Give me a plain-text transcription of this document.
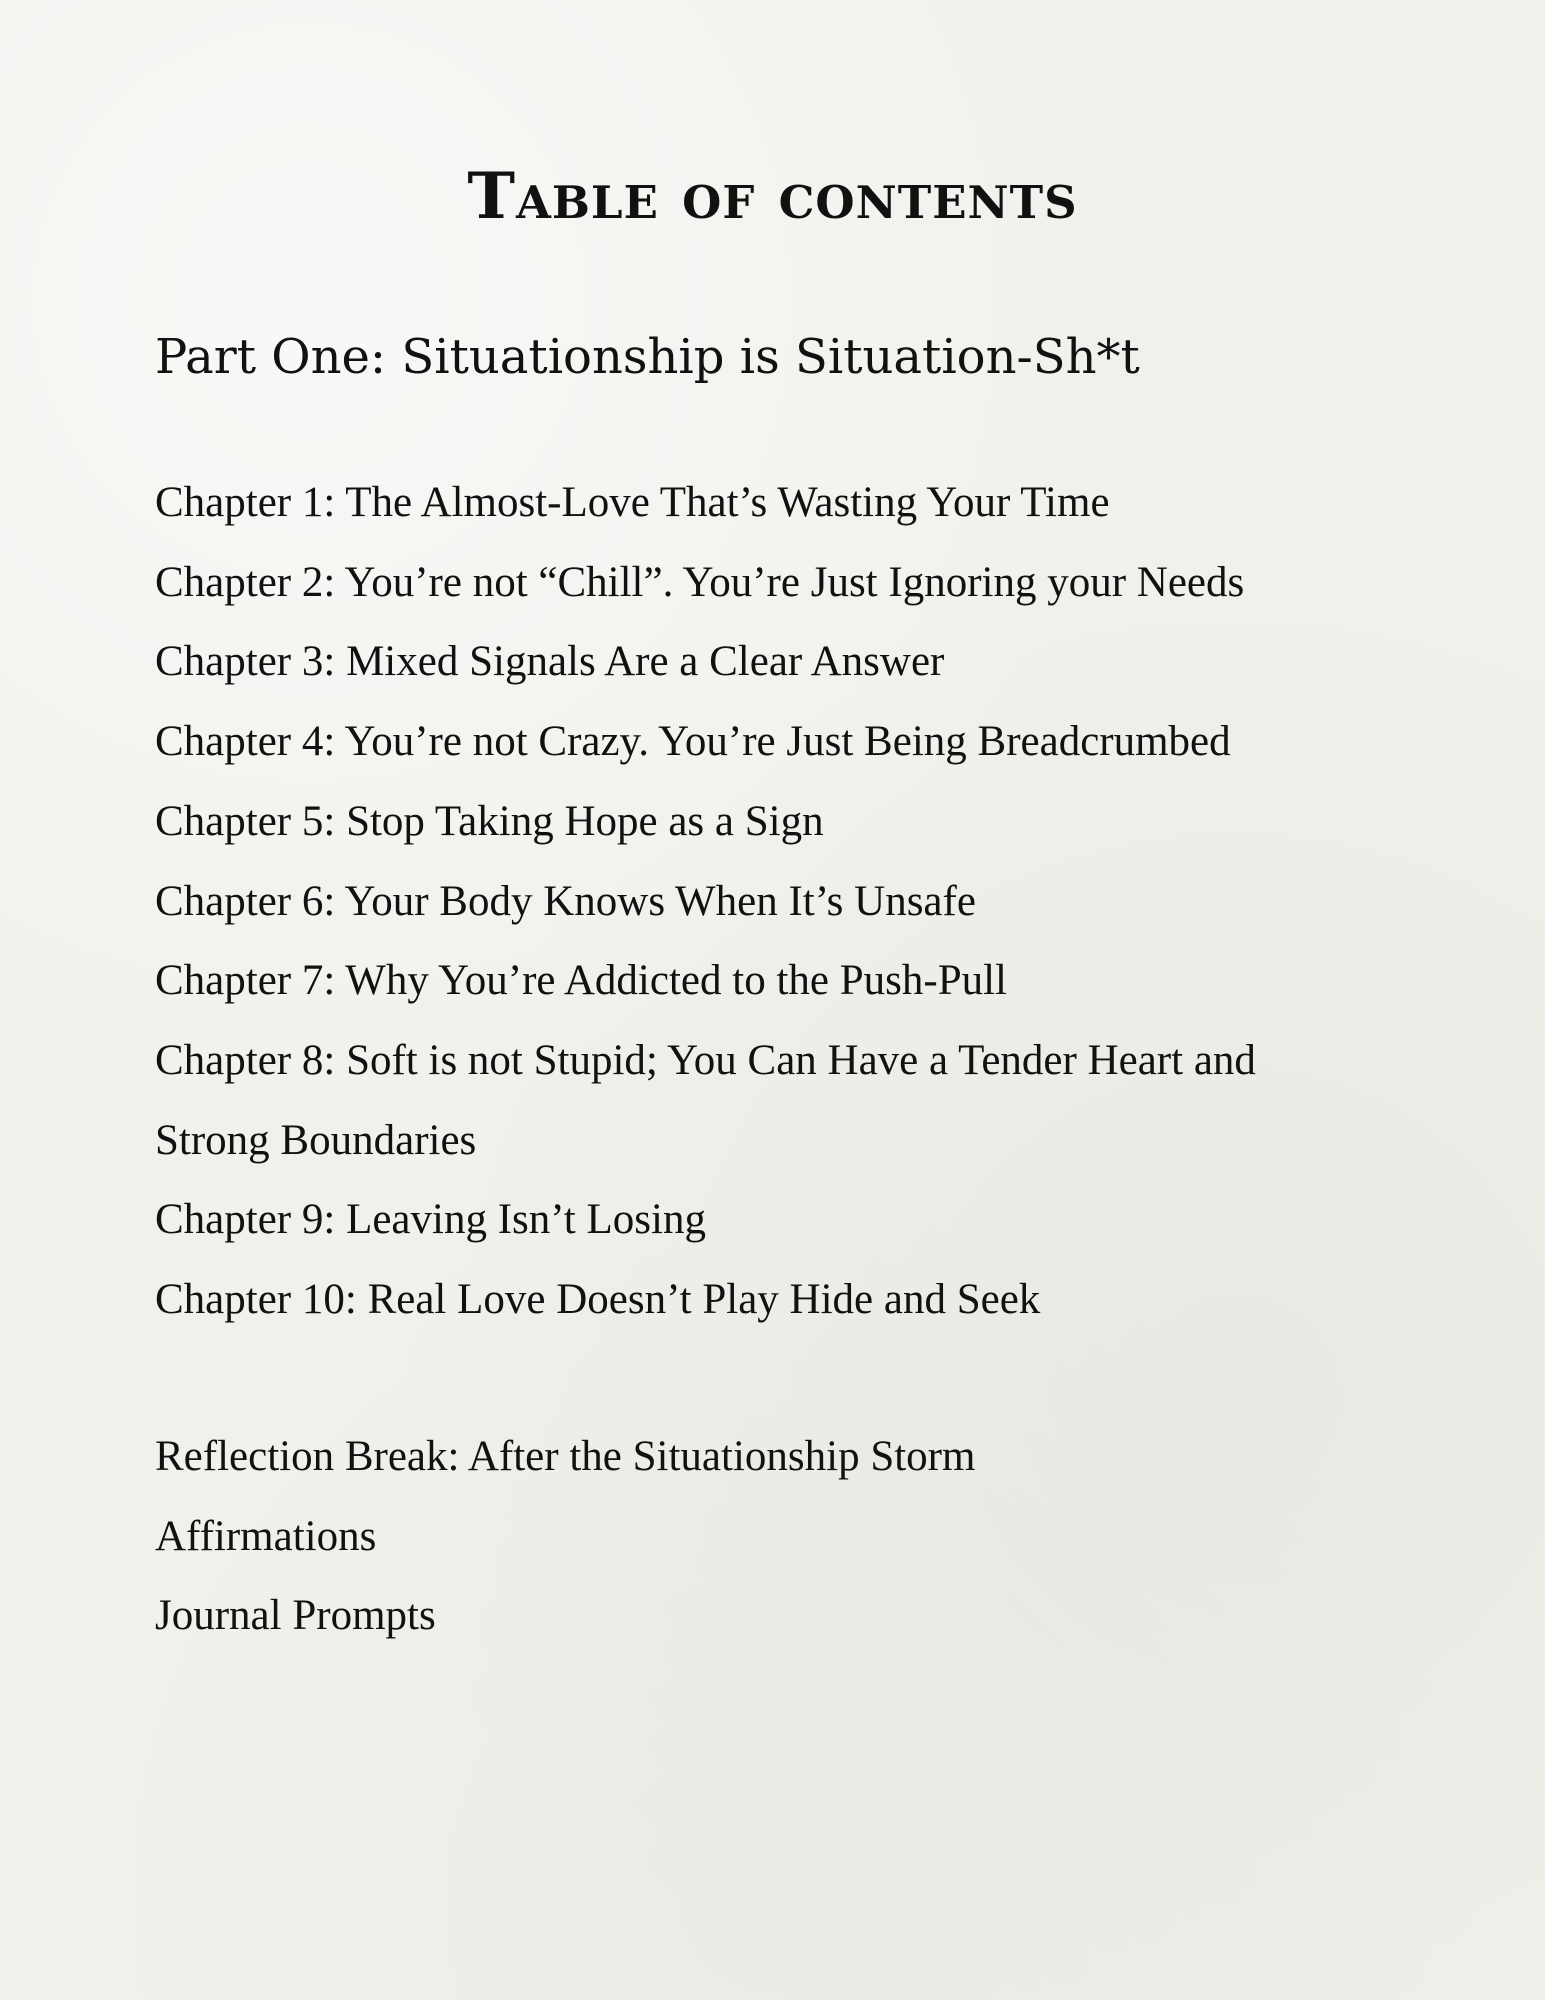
Table of contents
Part One: Situationship is Situation-Sh*t
Chapter 1: The Almost-Love That’s Wasting Your Time
Chapter 2: You’re not “Chill”. You’re Just Ignoring your Needs
Chapter 3: Mixed Signals Are a Clear Answer
Chapter 4: You’re not Crazy. You’re Just Being Breadcrumbed
Chapter 5: Stop Taking Hope as a Sign
Chapter 6: Your Body Knows When It’s Unsafe
Chapter 7: Why You’re Addicted to the Push-Pull
Chapter 8: Soft is not Stupid; You Can Have a Tender Heart and
Strong Boundaries
Chapter 9: Leaving Isn’t Losing
Chapter 10: Real Love Doesn’t Play Hide and Seek
Reflection Break: After the Situationship Storm
Affirmations
Journal Prompts
